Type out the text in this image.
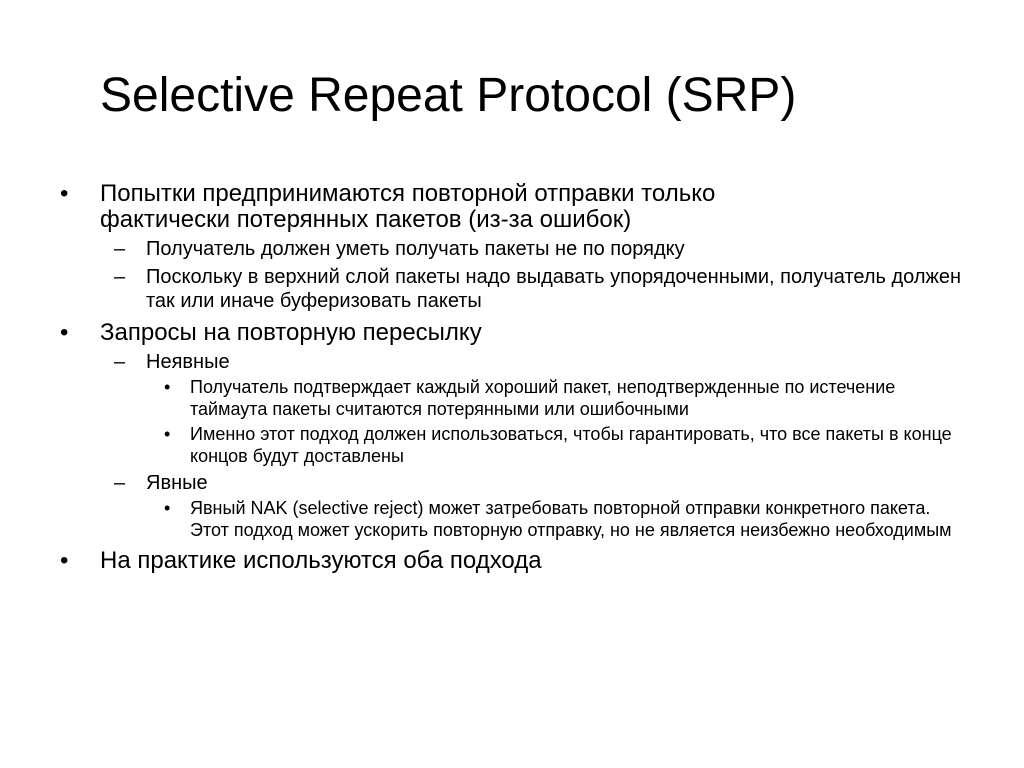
Selective Repeat Protocol (SRP)
•	Попытки предпринимаются повторной отправки только фактически потерянных пакетов (из-за ошибок)
–	Получатель должен уметь получать пакеты не по порядку
–	Поскольку в верхний слой пакеты надо выдавать упорядоченными, получатель должен так или иначе буферизовать пакеты
•	Запросы на повторную пересылку
–	Неявные
•	Получатель подтверждает каждый хороший пакет, неподтвержденные по истечение таймаута пакеты считаются потерянными или ошибочными
•	Именно этот подход должен использоваться, чтобы гарантировать, что все пакеты в конце концов будут доставлены
–	Явные
•	Явный NAK (selective reject) может затребовать повторной отправки конкретного пакета. Этот подход может ускорить повторную отправку, но не является неизбежно необходимым
•	На практике используются оба подхода
